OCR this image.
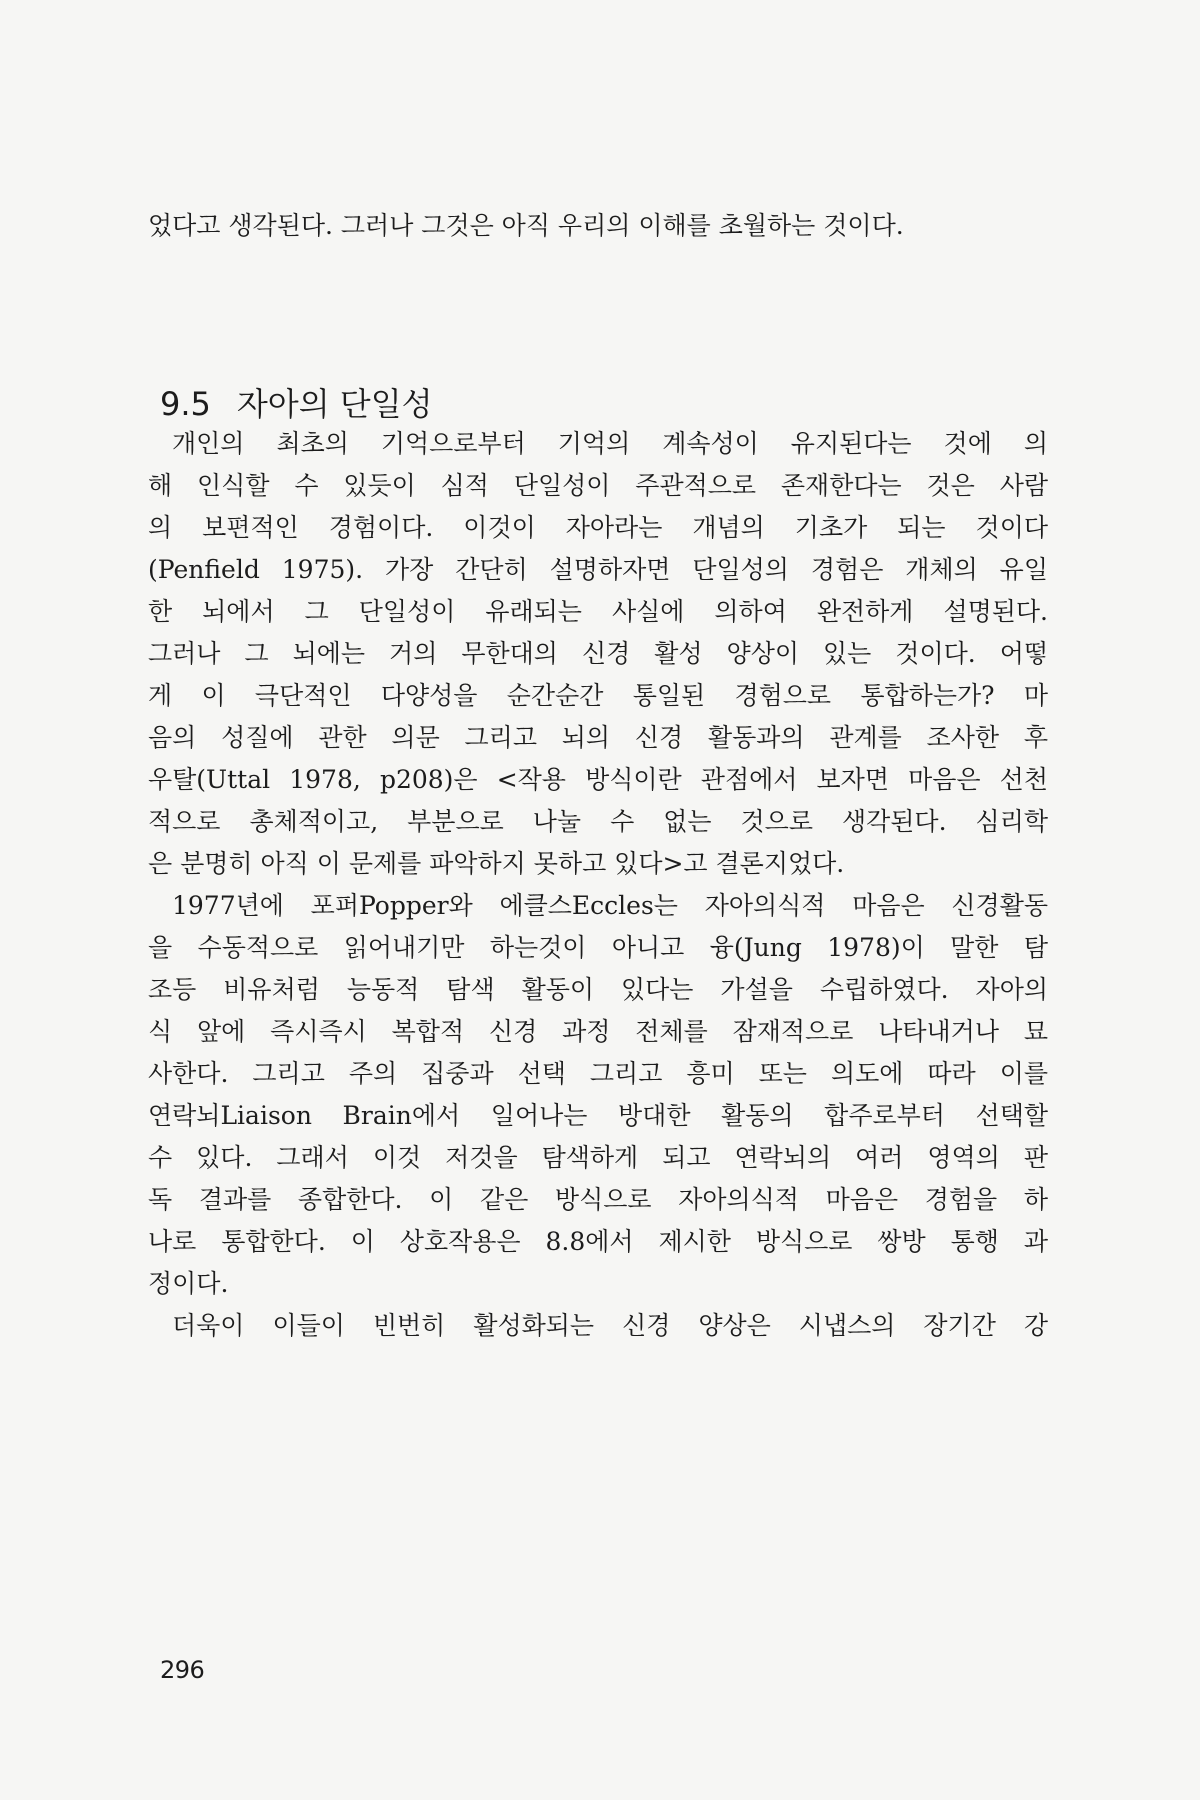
었다고 생각된다. 그러나 그것은 아직 우리의 이해를 초월하는 것이다.
9.5 자아의 단일성
개인의 최초의 기억으로부터 기억의 계속성이 유지된다는 것에 의
해 인식할 수 있듯이 심적 단일성이 주관적으로 존재한다는 것은 사람
의 보편적인 경험이다. 이것이 자아라는 개념의 기초가 되는 것이다
(Penfield 1975). 가장 간단히 설명하자면 단일성의 경험은 개체의 유일
한 뇌에서 그 단일성이 유래되는 사실에 의하여 완전하게 설명된다.
그러나 그 뇌에는 거의 무한대의 신경 활성 양상이 있는 것이다. 어떻
게 이 극단적인 다양성을 순간순간 통일된 경험으로 통합하는가? 마
음의 성질에 관한 의문 그리고 뇌의 신경 활동과의 관계를 조사한 후
우탈(Uttal 1978, p208)은 <작용 방식이란 관점에서 보자면 마음은 선천
적으로 총체적이고, 부분으로 나눌 수 없는 것으로 생각된다. 심리학
은 분명히 아직 이 문제를 파악하지 못하고 있다>고 결론지었다.
1977년에 포퍼Popper와 에클스Eccles는 자아의식적 마음은 신경활동
을 수동적으로 읽어내기만 하는것이 아니고 융(Jung 1978)이 말한 탐
조등 비유처럼 능동적 탐색 활동이 있다는 가설을 수립하였다. 자아의
식 앞에 즉시즉시 복합적 신경 과정 전체를 잠재적으로 나타내거나 묘
사한다. 그리고 주의 집중과 선택 그리고 흥미 또는 의도에 따라 이를
연락뇌Liaison Brain에서 일어나는 방대한 활동의 합주로부터 선택할
수 있다. 그래서 이것 저것을 탐색하게 되고 연락뇌의 여러 영역의 판
독 결과를 종합한다. 이 같은 방식으로 자아의식적 마음은 경험을 하
나로 통합한다. 이 상호작용은 8.8에서 제시한 방식으로 쌍방 통행 과
정이다.
더욱이 이들이 빈번히 활성화되는 신경 양상은 시냅스의 장기간 강
296
